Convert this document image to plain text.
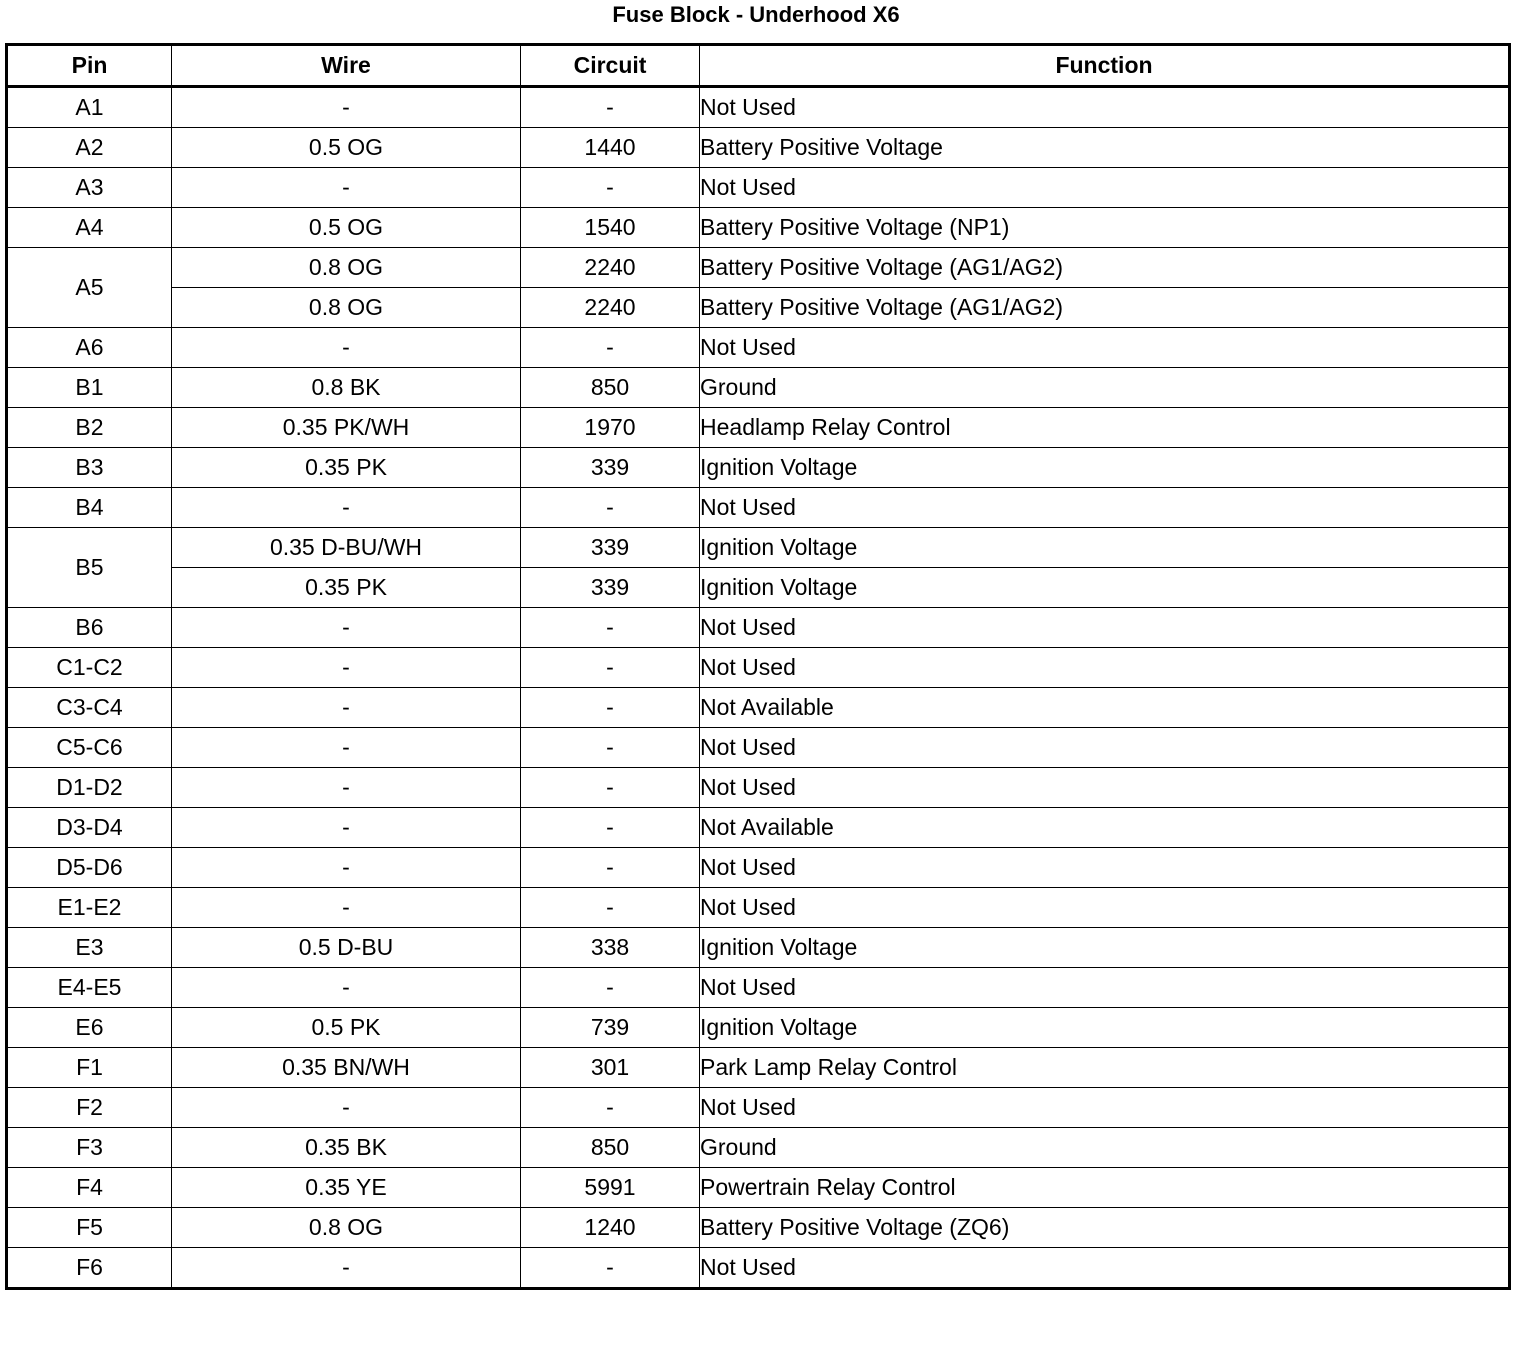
Fuse Block - Underhood X6
Pin	Wire	Circuit	Function
A1	-	-	Not Used
A2	0.5 OG	1440	Battery Positive Voltage
A3	-	-	Not Used
A4	0.5 OG	1540	Battery Positive Voltage (NP1)
A5	0.8 OG	2240	Battery Positive Voltage (AG1/AG2)
	0.8 OG	2240	Battery Positive Voltage (AG1/AG2)
A6	-	-	Not Used
B1	0.8 BK	850	Ground
B2	0.35 PK/WH	1970	Headlamp Relay Control
B3	0.35 PK	339	Ignition Voltage
B4	-	-	Not Used
B5	0.35 D-BU/WH	339	Ignition Voltage
	0.35 PK	339	Ignition Voltage
B6	-	-	Not Used
C1-C2	-	-	Not Used
C3-C4	-	-	Not Available
C5-C6	-	-	Not Used
D1-D2	-	-	Not Used
D3-D4	-	-	Not Available
D5-D6	-	-	Not Used
E1-E2	-	-	Not Used
E3	0.5 D-BU	338	Ignition Voltage
E4-E5	-	-	Not Used
E6	0.5 PK	739	Ignition Voltage
F1	0.35 BN/WH	301	Park Lamp Relay Control
F2	-	-	Not Used
F3	0.35 BK	850	Ground
F4	0.35 YE	5991	Powertrain Relay Control
F5	0.8 OG	1240	Battery Positive Voltage (ZQ6)
F6	-	-	Not Used
